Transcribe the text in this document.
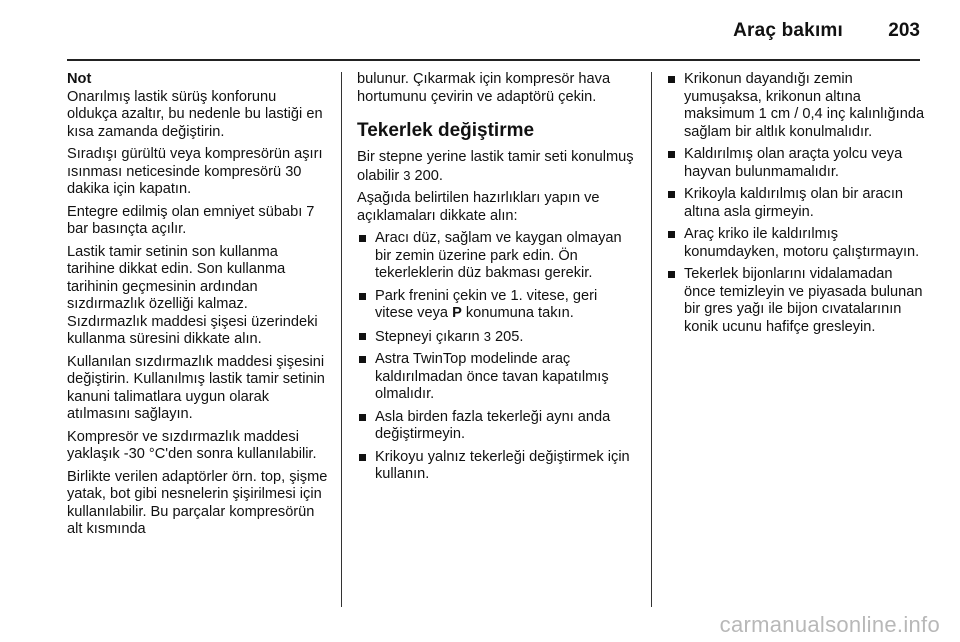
Araç bakımı 203

Not

Onarılmış lastik sürüş konforunu oldukça azaltır, bu nedenle bu lastiği en kısa zamanda değiştirin.

Sıradışı gürültü veya kompresörün aşırı ısınması neticesinde kompresörü 30 dakika için kapatın.

Entegre edilmiş olan emniyet sübabı 7 bar basınçta açılır.

Lastik tamir setinin son kullanma tarihine dikkat edin. Son kullanma tarihinin geçmesinin ardından sızdırmazlık özelliği kalmaz. Sızdırmazlık maddesi şişesi üzerindeki kullanma süresini dikkate alın.

Kullanılan sızdırmazlık maddesi şişesini değiştirin. Kullanılmış lastik tamir setinin kanuni talimatlara uygun olarak atılmasını sağlayın.

Kompresör ve sızdırmazlık maddesi yaklaşık -30 °C'den sonra kullanılabilir.

Birlikte verilen adaptörler örn. top, şişme yatak, bot gibi nesnelerin şişirilmesi için kullanılabilir. Bu parçalar kompresörün alt kısmında

bulunur. Çıkarmak için kompresör hava hortumunu çevirin ve adaptörü çekin.

Tekerlek değiştirme

Bir stepne yerine lastik tamir seti konulmuş olabilir 3 200.

Aşağıda belirtilen hazırlıkları yapın ve açıklamaları dikkate alın:

Aracı düz, sağlam ve kaygan olmayan bir zemin üzerine park edin. Ön tekerleklerin düz bakması gerekir.
Park frenini çekin ve 1. vitese, geri vitese veya P konumuna takın.
Stepneyi çıkarın 3 205.
Astra TwinTop modelinde araç kaldırılmadan önce tavan kapatılmış olmalıdır.
Asla birden fazla tekerleği aynı anda değiştirmeyin.
Krikoyu yalnız tekerleği değiştirmek için kullanın.
Krikonun dayandığı zemin yumuşaksa, krikonun altına maksimum 1 cm / 0,4 inç kalınlığında sağlam bir altlık konulmalıdır.
Kaldırılmış olan araçta yolcu veya hayvan bulunmamalıdır.
Krikoyla kaldırılmış olan bir aracın altına asla girmeyin.
Araç kriko ile kaldırılmış konumdayken, motoru çalıştırmayın.
Tekerlek bijonlarını vidalamadan önce temizleyin ve piyasada bulunan bir gres yağı ile bijon cıvatalarının konik ucunu hafifçe gresleyin.
carmanualsonline.info
